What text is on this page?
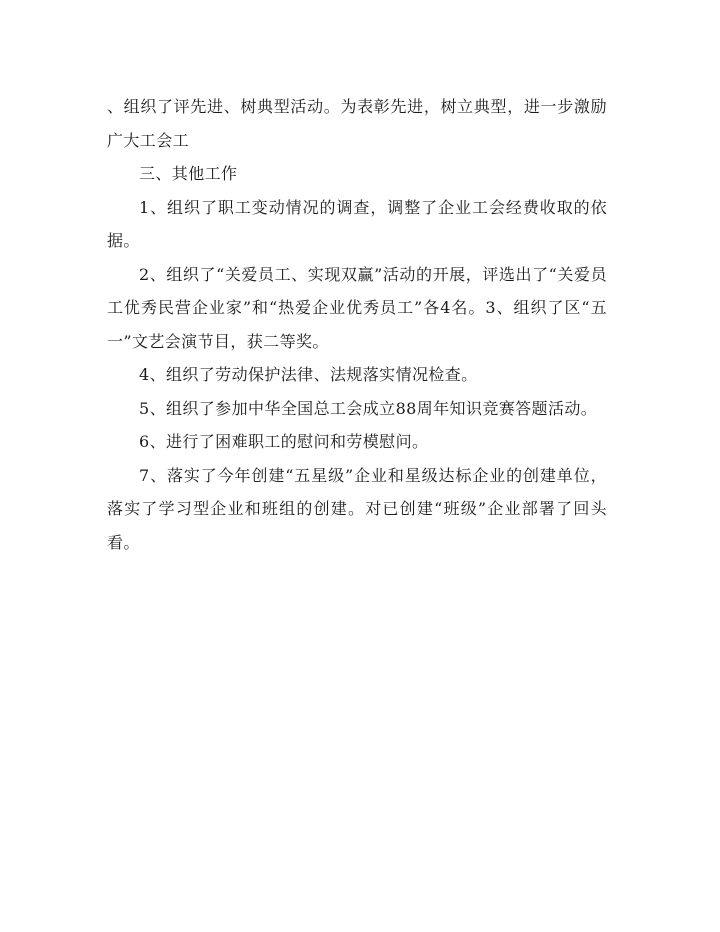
、组织了评先进、树典型活动。为表彰先进，树立典型，进一步激励广大工会工

三、其他工作

1、组织了职工变动情况的调查，调整了企业工会经费收取的依据。

2、组织了“关爱员工、实现双赢”活动的开展，评选出了“关爱员工优秀民营企业家”和“热爱企业优秀员工”各4名。3、组织了区“五一”文艺会演节目，获二等奖。

4、组织了劳动保护法律、法规落实情况检查。

5、组织了参加中华全国总工会成立88周年知识竞赛答题活动。

6、进行了困难职工的慰问和劳模慰问。

7、落实了今年创建“五星级”企业和星级达标企业的创建单位，落实了学习型企业和班组的创建。对已创建“班级”企业部署了回头看。
